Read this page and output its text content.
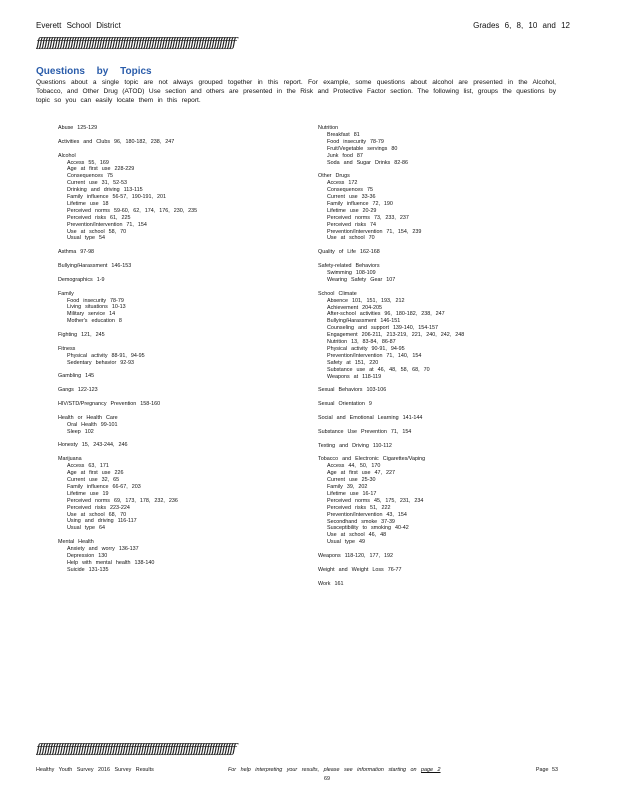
Everett School District	Grades 6, 8, 10 and 12
ƒƒƒƒƒƒƒƒƒƒƒƒƒƒƒƒƒƒƒƒƒƒƒƒƒƒƒƒƒƒƒƒƒƒƒƒƒƒƒƒƒƒƒƒƒƒƒƒƒƒƒƒƒƒƒƒƒƒƒƒƒƒƒƒƒƒƒƒƒƒƒƒƒƒƒƒ
Questions by Topics
Questions about a single topic are not always grouped together in this report. For example, some questions about alcohol are presented in the Alcohol, Tobacco, and Other Drug (ATOD) Use section and others are presented in the Risk and Protective Factor section. The following list, groups the questions by topic so you can easily locate them in this report.
Abuse 125-129
Activities and Clubs 96, 180-182, 238, 247
Alcohol
Access 55, 169
Age at first use 228-229
Consequences 75
Current use 31, 52-53
Drinking and driving 113-115
Family influence 56-57, 190-191, 201
Lifetime use 18
Perceived norms 59-60, 62, 174, 176, 230, 235
Perceived risks 61, 225
Prevention/Intervention 71, 154
Use at school 58, 70
Usual type 54
Asthma 97-98
Bullying/Harassment 146-153
Demographics 1-9
Family
Food insecurity 78-79
Living situations 10-13
Military service 14
Mother's education 8
Fighting 121, 245
Fitness
Physical activity 88-91, 94-95
Sedentary behavior 92-93
Gambling 145
Gangs 122-123
HIV/STD/Pregnancy Prevention 158-160
Health or Health Care
Oral Health 99-101
Sleep 102
Honesty 15, 243-244, 246
Marijuana
Access 63, 171
Age at first use 226
Current use 32, 65
Family influence 66-67, 203
Lifetime use 19
Perceived norms 69, 173, 178, 232, 236
Perceived risks 223-224
Use at school 68, 70
Using and driving 116-117
Usual type 64
Mental Health
Anxiety and worry 136-137
Depression 130
Help with mental health 138-140
Suicide 131-135
Nutrition
Breakfast 81
Food insecurity 78-79
Fruit/Vegetable servings 80
Junk food 87
Soda and Sugar Drinks 82-86
Other Drugs
Access 172
Consequences 75
Current use 33-36
Family influence 72, 190
Lifetime use 20-29
Perceived norms 73, 233, 237
Perceived risks 74
Prevention/Intervention 71, 154, 239
Use at school 70
Quality of Life 162-168
Safety-related Behaviors
Swimming 108-109
Wearing Safety Gear 107
School Climate
Absence 101, 151, 193, 212
Achievement 204-205
After-school activities 96, 180-182, 238, 247
Bullying/Harassment 146-151
Counseling and support 139-140, 154-157
Engagement 206-211, 213-219, 221, 240, 242, 248
Nutrition 13, 83-84, 86-87
Physical activity 90-91, 94-95
Prevention/Intervention 71, 140, 154
Safety at 151, 220
Substance use at 46, 48, 58, 68, 70
Weapons at 118-119
Sexual Behaviors 103-106
Sexual Orientation 9
Social and Emotional Learning 141-144
Substance Use Prevention 71, 154
Texting and Driving 110-112
Tobacco and Electronic Cigarettes/Vaping
Access 44, 50, 170
Age at first use 47, 227
Current use 25-30
Family 39, 202
Lifetime use 16-17
Perceived norms 45, 175, 231, 234
Perceived risks 51, 222
Prevention/Intervention 43, 154
Secondhand smoke 37-39
Susceptibility to smoking 40-42
Use at school 46, 48
Usual type 49
Weapons 118-120, 177, 192
Weight and Weight Loss 76-77
Work 161
ƒƒƒƒƒƒƒƒƒƒƒƒƒƒƒƒƒƒƒƒƒƒƒƒƒƒƒƒƒƒƒƒƒƒƒƒƒƒƒƒƒƒƒƒƒƒƒƒƒƒƒƒƒƒƒƒƒƒƒƒƒƒƒƒƒƒƒƒƒƒƒƒƒƒƒƒ
Healthy Youth Survey 2016 Survey Results	For help interpreting your results, please see information starting on page 2	Page 53
69
